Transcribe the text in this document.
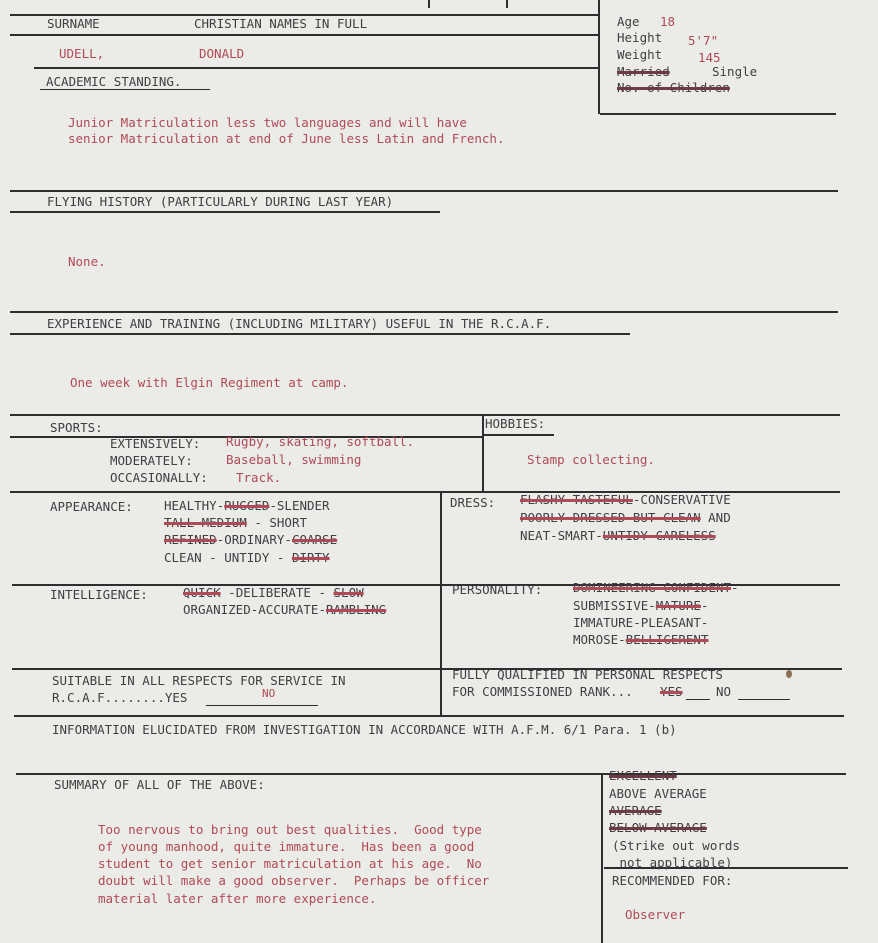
SURNAME	CHRISTIAN NAMES IN FULL
UDELL,	DONALD
Age 18
Height 5'7"
Weight	145
Married	Single
No. of Children
ACADEMIC STANDING.
Junior Matriculation less two languages and will have
senior Matriculation at end of June less Latin and French.
FLYING HISTORY (PARTICULARLY DURING LAST YEAR)
None.
EXPERIENCE AND TRAINING (INCLUDING MILITARY) USEFUL IN THE R.C.A.F.
One week with Elgin Regiment at camp.
SPORTS:
EXTENSIVELY: Rugby, skating, softball.
MODERATELY:	Baseball, swimming
OCCASIONALLY: Track.
HOBBIES:
Stamp collecting.
APPEARANCE: HEALTHY-RUGGED-SLENDER
TALL-MEDIUM - SHORT
REFINED-ORDINARY-COARSE
CLEAN - UNTIDY - DIRTY
DRESS: FLASHY-TASTEFUL-CONSERVATIVE
POORLY DRESSED BUT CLEAN AND
NEAT-SMART-UNTIDY-CARELESS
INTELLIGENCE:	QUICK -DELIBERATE - SLOW
ORGANIZED-ACCURATE-RAMBLING
PERSONALITY: DOMINEERING-CONFIDENT-
SUBMISSIVE-MATURE-
IMMATURE-PLEASANT-
MOROSE-BELLIGERENT
SUITABLE IN ALL RESPECTS FOR SERVICE IN
R.C.A.F........YES	NO
FULLY QUALIFIED IN PERSONAL RESPECTS
FOR COMMISSIONED RANK... YES	NO
INFORMATION ELUCIDATED FROM INVESTIGATION IN ACCORDANCE WITH A.F.M. 6/1 Para. 1 (b)
SUMMARY OF ALL OF THE ABOVE:
Too nervous to bring out best qualities.  Good type
of young manhood, quite immature.  Has been a good
student to get senior matriculation at his age.  No
doubt will make a good observer.  Perhaps be officer
material later after more experience.
EXCELLENT
ABOVE AVERAGE
AVERAGE
BELOW AVERAGE
(Strike out words
not applicable)
RECOMMENDED FOR:
Observer
